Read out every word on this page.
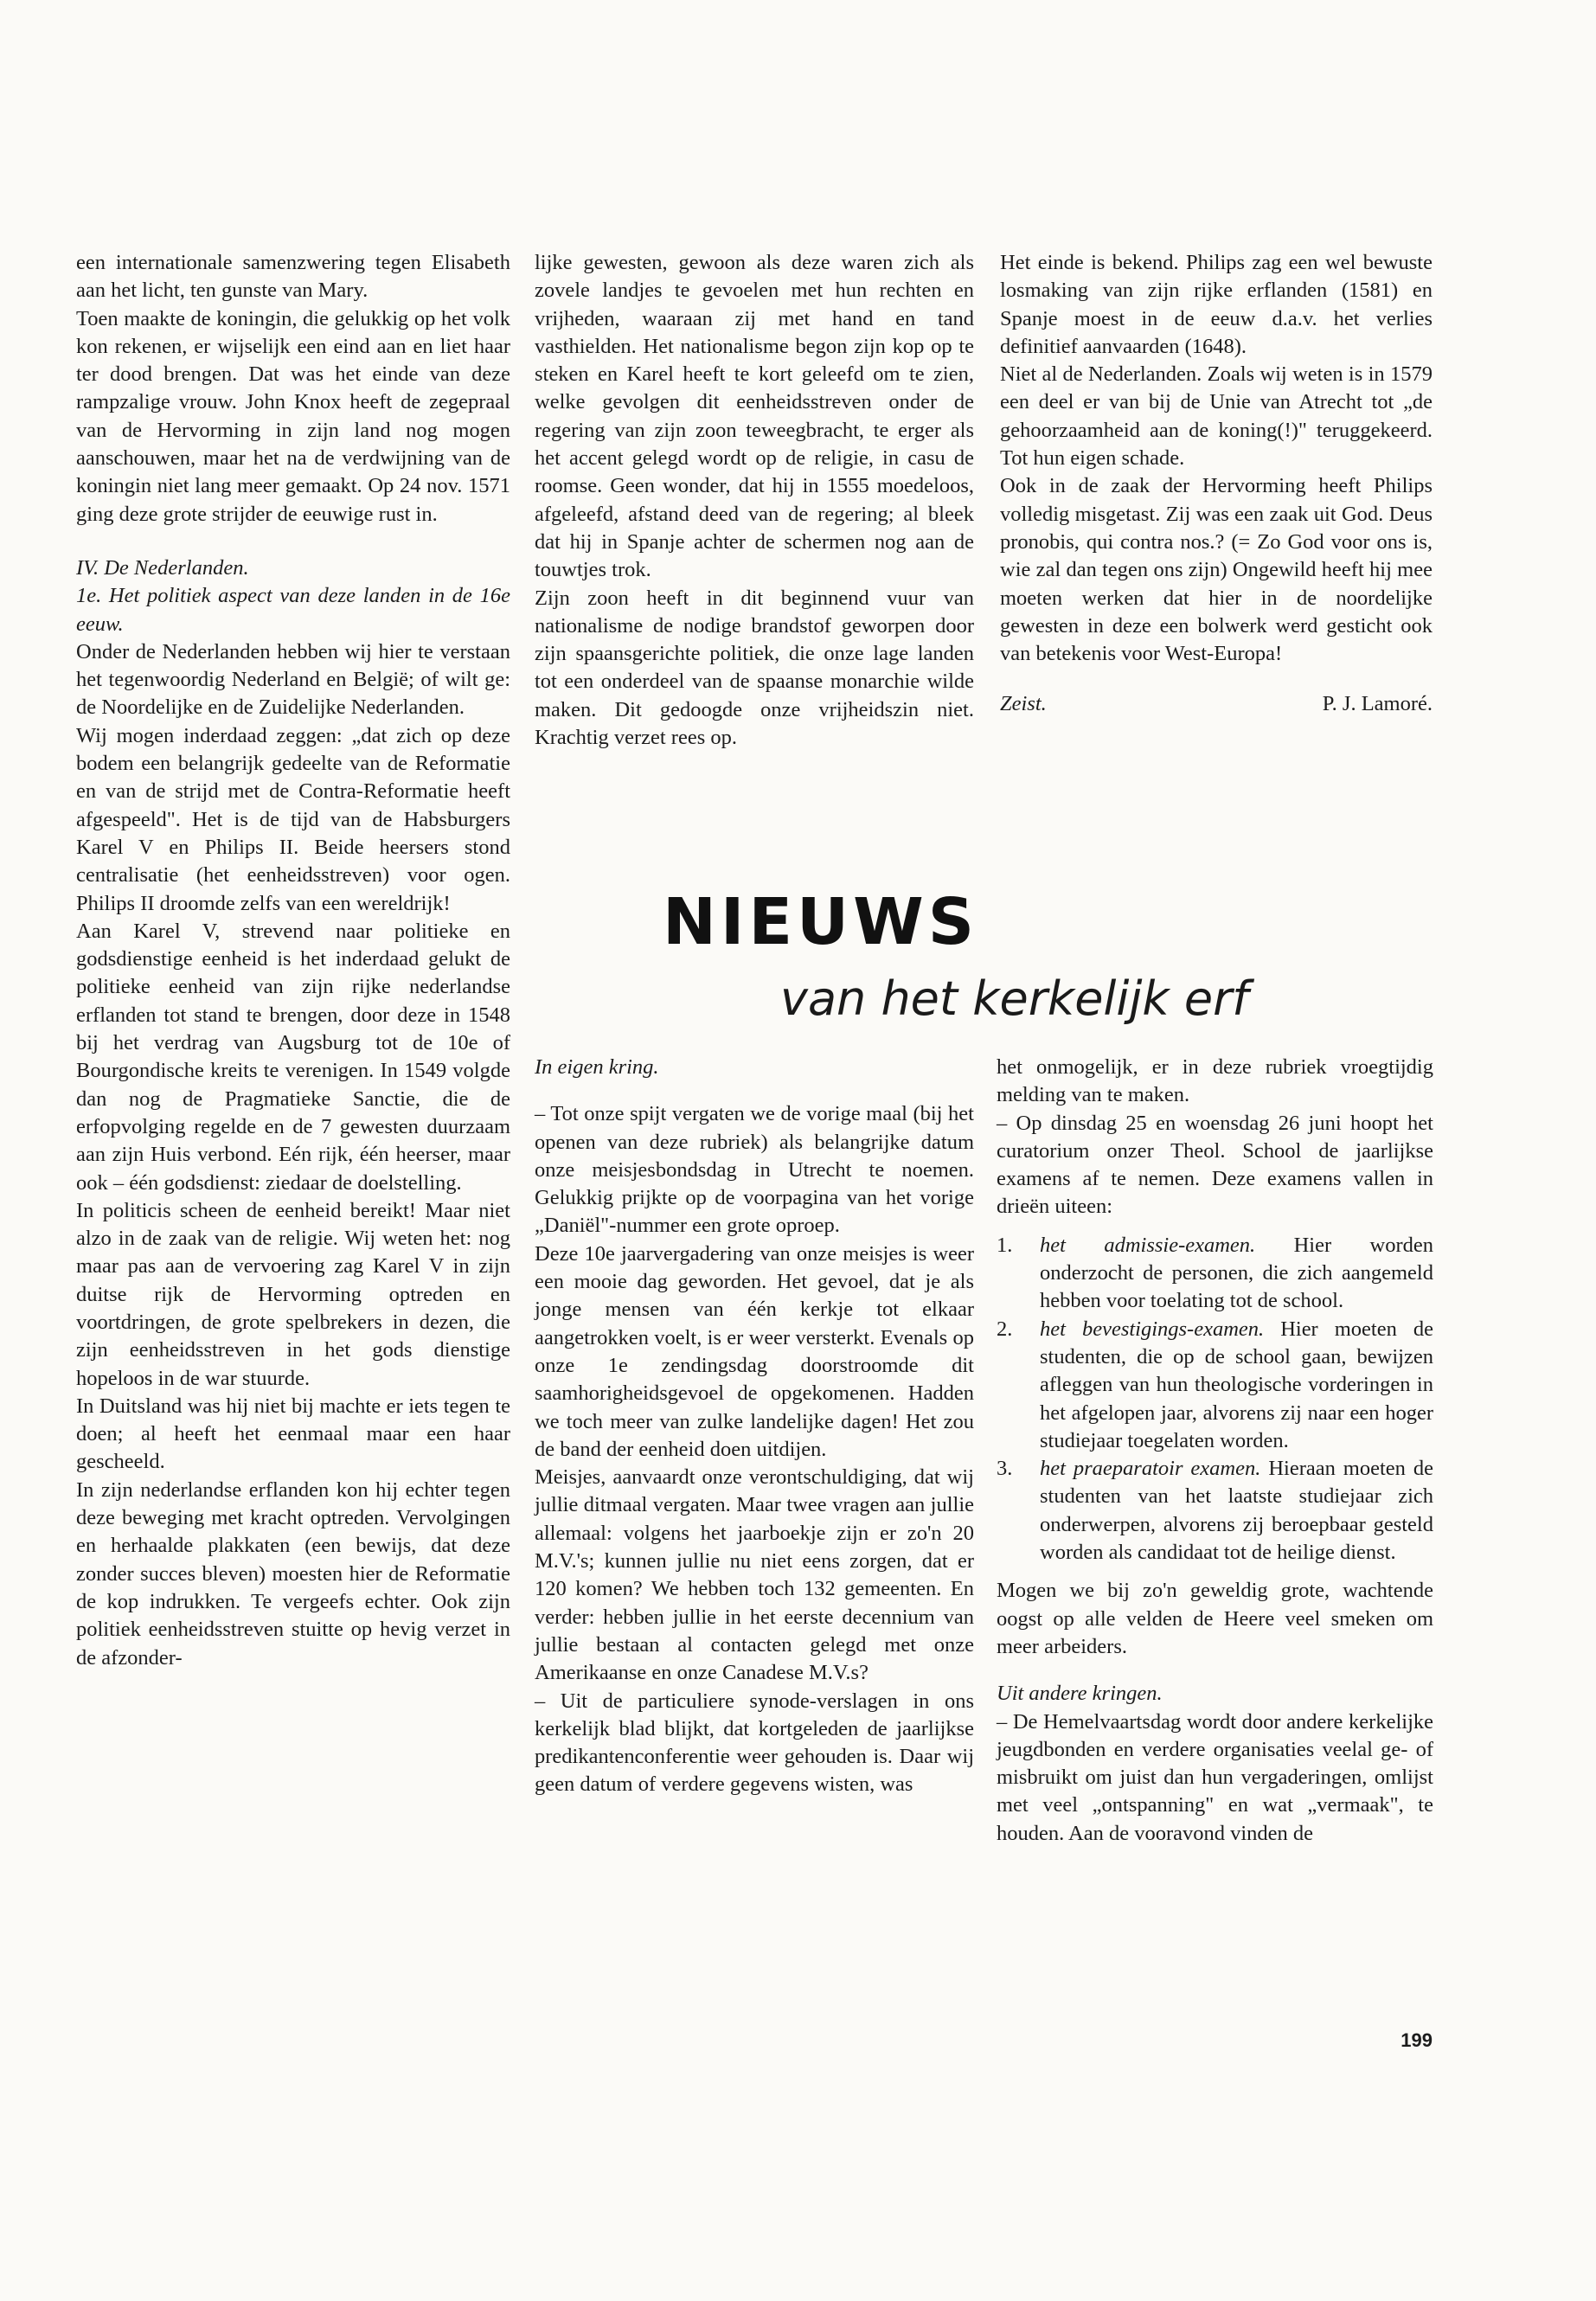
een internationale samenzwering tegen Elisabeth aan het licht, ten gunste van Mary.

Toen maakte de koningin, die gelukkig op het volk kon rekenen, er wijselijk een eind aan en liet haar ter dood brengen. Dat was het einde van deze rampzalige vrouw. John Knox heeft de zegepraal van de Hervorming in zijn land nog mogen aanschouwen, maar het na de verdwijning van de koningin niet lang meer gemaakt. Op 24 nov. 1571 ging deze grote strijder de eeuwige rust in.

IV. De Nederlanden.

1e. Het politiek aspect van deze landen in de 16e eeuw.

Onder de Nederlanden hebben wij hier te verstaan het tegenwoordig Nederland en België; of wilt ge: de Noordelijke en de Zuidelijke Nederlanden.

Wij mogen inderdaad zeggen: „dat zich op deze bodem een belangrijk gedeelte van de Reformatie en van de strijd met de Contra-Reformatie heeft afgespeeld". Het is de tijd van de Habsburgers Karel V en Philips II. Beide heersers stond centralisatie (het eenheidsstreven) voor ogen. Philips II droomde zelfs van een wereldrijk!

Aan Karel V, strevend naar politieke en godsdienstige eenheid is het inderdaad gelukt de politieke eenheid van zijn rijke nederlandse erflanden tot stand te brengen, door deze in 1548 bij het verdrag van Augsburg tot de 10e of Bourgondische kreits te verenigen. In 1549 volgde dan nog de Pragmatieke Sanctie, die de erfopvolging regelde en de 7 gewesten duurzaam aan zijn Huis verbond. Eén rijk, één heerser, maar ook – één godsdienst: ziedaar de doelstelling.

In politicis scheen de eenheid bereikt! Maar niet alzo in de zaak van de religie. Wij weten het: nog maar pas aan de vervoering zag Karel V in zijn duitse rijk de Hervorming optreden en voortdringen, de grote spelbrekers in dezen, die zijn eenheidsstreven in het gods dienstige hopeloos in de war stuurde.

In Duitsland was hij niet bij machte er iets tegen te doen; al heeft het eenmaal maar een haar gescheeld.

In zijn nederlandse erflanden kon hij echter tegen deze beweging met kracht optreden. Vervolgingen en herhaalde plakkaten (een bewijs, dat deze zonder succes bleven) moesten hier de Reformatie de kop indrukken. Te vergeefs echter. Ook zijn politiek eenheidsstreven stuitte op hevig verzet in de afzonder-

lijke gewesten, gewoon als deze waren zich als zovele landjes te gevoelen met hun rechten en vrijheden, waaraan zij met hand en tand vasthielden. Het nationalisme begon zijn kop op te steken en Karel heeft te kort geleefd om te zien, welke gevolgen dit eenheidsstreven onder de regering van zijn zoon teweegbracht, te erger als het accent gelegd wordt op de religie, in casu de roomse. Geen wonder, dat hij in 1555 moedeloos, afgeleefd, afstand deed van de regering; al bleek dat hij in Spanje achter de schermen nog aan de touwtjes trok.

Zijn zoon heeft in dit beginnend vuur van nationalisme de nodige brandstof geworpen door zijn spaansgerichte politiek, die onze lage landen tot een onderdeel van de spaanse monarchie wilde maken. Dit gedoogde onze vrijheidszin niet. Krachtig verzet rees op.

Het einde is bekend. Philips zag een wel bewuste losmaking van zijn rijke erflanden (1581) en Spanje moest in de eeuw d.a.v. het verlies definitief aanvaarden (1648).

Niet al de Nederlanden. Zoals wij weten is in 1579 een deel er van bij de Unie van Atrecht tot „de gehoorzaamheid aan de koning(!)" teruggekeerd. Tot hun eigen schade.

Ook in de zaak der Hervorming heeft Philips volledig misgetast. Zij was een zaak uit God. Deus pronobis, qui contra nos.? (= Zo God voor ons is, wie zal dan tegen ons zijn) Ongewild heeft hij mee moeten werken dat hier in de noordelijke gewesten in deze een bolwerk werd gesticht ook van betekenis voor West-Europa!

Zeist.	P. J. Lamoré.
NIEUWS
van het kerkelijk erf

In eigen kring.

– Tot onze spijt vergaten we de vorige maal (bij het openen van deze rubriek) als belangrijke datum onze meisjesbondsdag in Utrecht te noemen. Gelukkig prijkte op de voorpagina van het vorige „Daniël"-nummer een grote oproep.

Deze 10e jaarvergadering van onze meisjes is weer een mooie dag geworden. Het gevoel, dat je als jonge mensen van één kerkje tot elkaar aangetrokken voelt, is er weer versterkt. Evenals op onze 1e zendingsdag doorstroomde dit saamhorigheidsgevoel de opgekomenen. Hadden we toch meer van zulke landelijke dagen! Het zou de band der eenheid doen uitdijen.

Meisjes, aanvaardt onze verontschuldiging, dat wij jullie ditmaal vergaten. Maar twee vragen aan jullie allemaal: volgens het jaarboekje zijn er zo'n 20 M.V.'s; kunnen jullie nu niet eens zorgen, dat er 120 komen? We hebben toch 132 gemeenten. En verder: hebben jullie in het eerste decennium van jullie bestaan al contacten gelegd met onze Amerikaanse en onze Canadese M.V.s?

– Uit de particuliere synode-verslagen in ons kerkelijk blad blijkt, dat kortgeleden de jaarlijkse predikantenconferentie weer gehouden is. Daar wij geen datum of verdere gegevens wisten, was

het onmogelijk, er in deze rubriek vroegtijdig melding van te maken.

– Op dinsdag 25 en woensdag 26 juni hoopt het curatorium onzer Theol. School de jaarlijkse examens af te nemen. Deze examens vallen in drieën uiteen:

1.	het admissie-examen. Hier worden onderzocht de personen, die zich aangemeld hebben voor toelating tot de school.
2.	het bevestigings-examen. Hier moeten de studenten, die op de school gaan, bewijzen afleggen van hun theologische vorderingen in het afgelopen jaar, alvorens zij naar een hoger studiejaar toegelaten worden.
3.	het praeparatoir examen. Hieraan moeten de studenten van het laatste studiejaar zich onderwerpen, alvorens zij beroepbaar gesteld worden als candidaat tot de heilige dienst.

Mogen we bij zo'n geweldig grote, wachtende oogst op alle velden de Heere veel smeken om meer arbeiders.

Uit andere kringen.

– De Hemelvaartsdag wordt door andere kerkelijke jeugdbonden en verdere organisaties veelal ge- of misbruikt om juist dan hun vergaderingen, omlijst met veel „ontspanning" en wat „vermaak", te houden. Aan de vooravond vinden de

199
